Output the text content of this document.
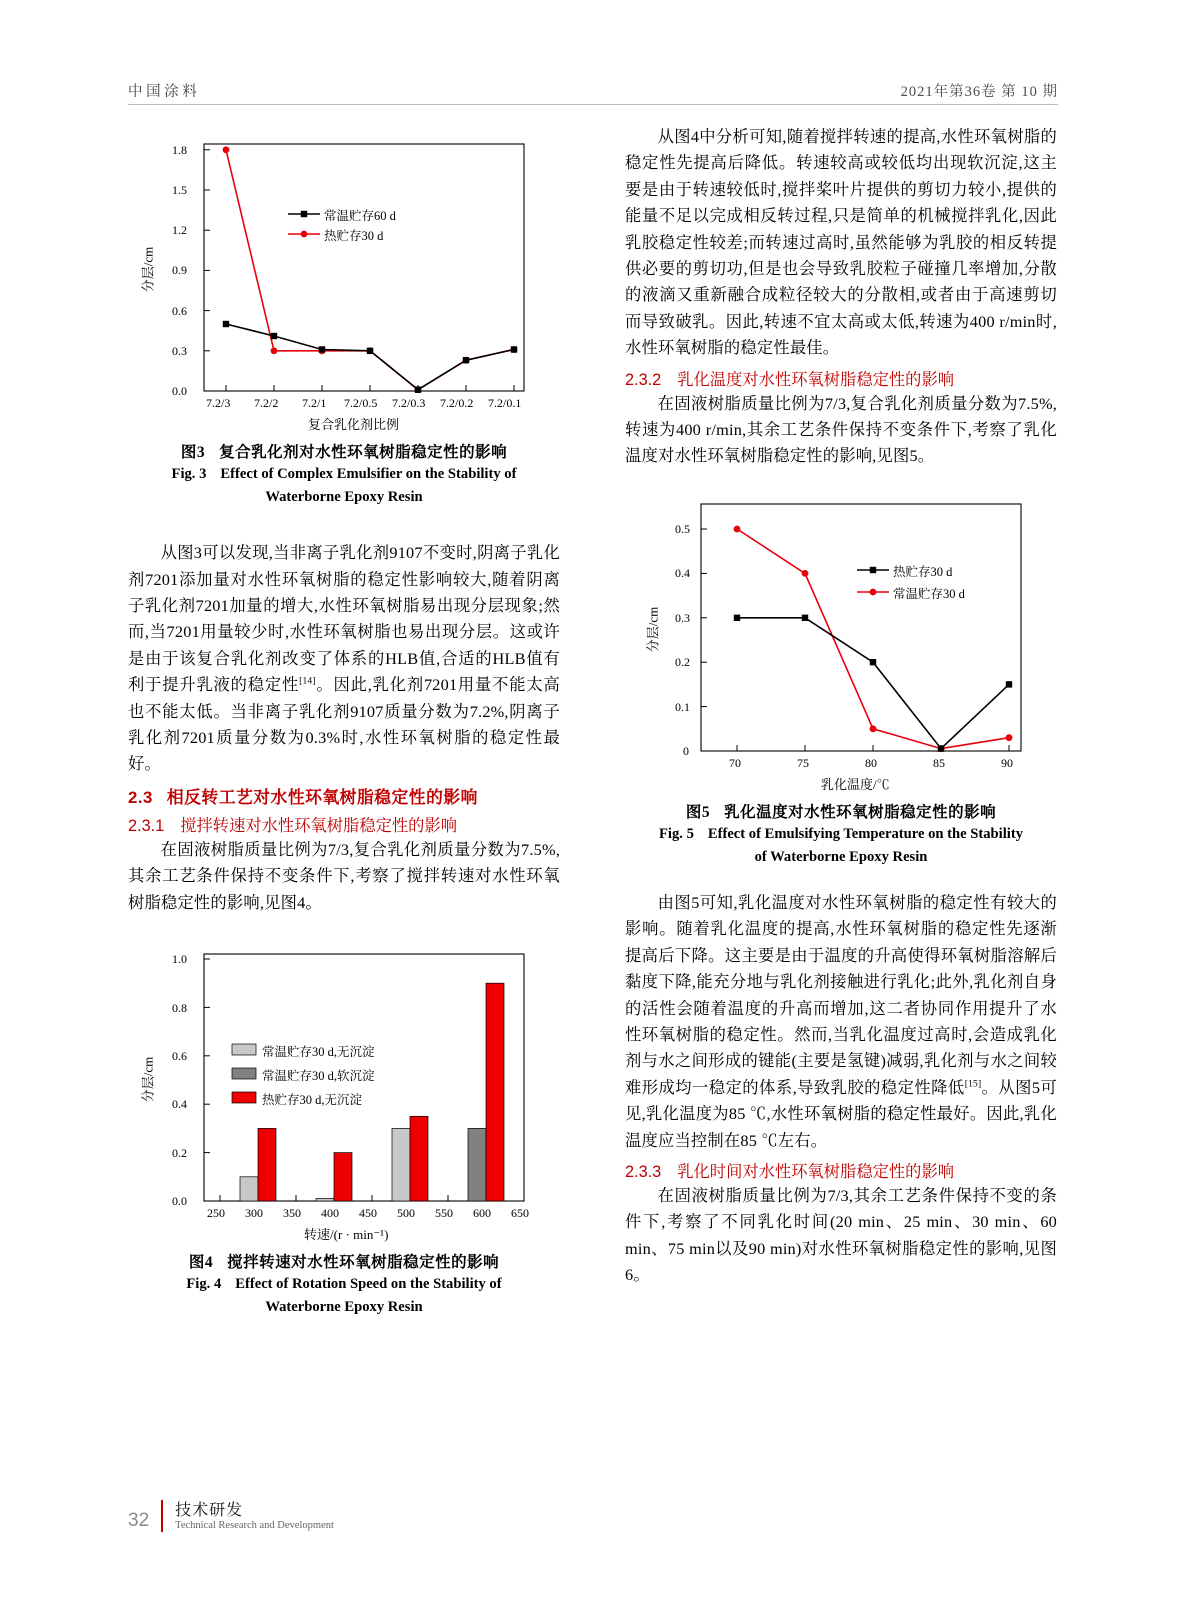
中 国 涂 料	2021年第36卷 第 10 期
1.8
1.5
1.2
0.9
0.6
0.3
0.0
7.2/3 7.2/2 7.2/1 7.2/0.5 7.2/0.3 7.2/0.2 7.2/0.1
分层/cm
复合乳化剂比例
常温贮存60 d
热贮存30 d
图3 复合乳化剂对水性环氧树脂稳定性的影响
Fig. 3 Effect of Complex Emulsifier on the Stability of
Waterborne Epoxy Resin

从图3可以发现,当非离子乳化剂9107不变时,阴离子乳化剂7201添加量对水性环氧树脂的稳定性影响较大,随着阴离子乳化剂7201加量的增大,水性环氧树脂易出现分层现象;然而,当7201用量较少时,水性环氧树脂也易出现分层。这或许是由于该复合乳化剂改变了体系的HLB值,合适的HLB值有利于提升乳液的稳定性[14]。因此,乳化剂7201用量不能太高也不能太低。当非离子乳化剂9107质量分数为7.2%,阴离子乳化剂7201质量分数为0.3%时,水性环氧树脂的稳定性最好。

2.3 相反转工艺对水性环氧树脂稳定性的影响
2.3.1 搅拌转速对水性环氧树脂稳定性的影响

在固液树脂质量比例为7/3,复合乳化剂质量分数为7.5%,其余工艺条件保持不变条件下,考察了搅拌转速对水性环氧树脂稳定性的影响,见图4。

1.0
0.8
0.6
0.4
0.2
0.0
250 300 350 400 450 500 550 600 650
分层/cm
转速/(r · min⁻¹)
常温贮存30 d,无沉淀
常温贮存30 d,软沉淀
热贮存30 d,无沉淀
图4 搅拌转速对水性环氧树脂稳定性的影响
Fig. 4 Effect of Rotation Speed on the Stability of
Waterborne Epoxy Resin

从图4中分析可知,随着搅拌转速的提高,水性环氧树脂的稳定性先提高后降低。转速较高或较低均出现软沉淀,这主要是由于转速较低时,搅拌桨叶片提供的剪切力较小,提供的能量不足以完成相反转过程,只是简单的机械搅拌乳化,因此乳胶稳定性较差;而转速过高时,虽然能够为乳胶的相反转提供必要的剪切功,但是也会导致乳胶粒子碰撞几率增加,分散的液滴又重新融合成粒径较大的分散相,或者由于高速剪切而导致破乳。因此,转速不宜太高或太低,转速为400 r/min时,水性环氧树脂的稳定性最佳。

2.3.2 乳化温度对水性环氧树脂稳定性的影响

在固液树脂质量比例为7/3,复合乳化剂质量分数为7.5%,转速为400 r/min,其余工艺条件保持不变条件下,考察了乳化温度对水性环氧树脂稳定性的影响,见图5。

0.5
0.4
0.3
0.2
0.1
0
70	75	80	85	90
分层/cm
乳化温度/℃
热贮存30 d
常温贮存30 d
图5 乳化温度对水性环氧树脂稳定性的影响
Fig. 5 Effect of Emulsifying Temperature on the Stability
of Waterborne Epoxy Resin

由图5可知,乳化温度对水性环氧树脂的稳定性有较大的影响。随着乳化温度的提高,水性环氧树脂的稳定性先逐渐提高后下降。这主要是由于温度的升高使得环氧树脂溶解后黏度下降,能充分地与乳化剂接触进行乳化;此外,乳化剂自身的活性会随着温度的升高而增加,这二者协同作用提升了水性环氧树脂的稳定性。然而,当乳化温度过高时,会造成乳化剂与水之间形成的键能(主要是氢键)减弱,乳化剂与水之间较难形成均一稳定的体系,导致乳胶的稳定性降低[15]。从图5可见,乳化温度为85 ℃,水性环氧树脂的稳定性最好。因此,乳化温度应当控制在85 ℃左右。

2.3.3 乳化时间对水性环氧树脂稳定性的影响

在固液树脂质量比例为7/3,其余工艺条件保持不变的条件下,考察了不同乳化时间(20 min、25 min、30 min、60 min、75 min以及90 min)对水性环氧树脂稳定性的影响,见图6。

32 技术研发
Technical Research and Development
